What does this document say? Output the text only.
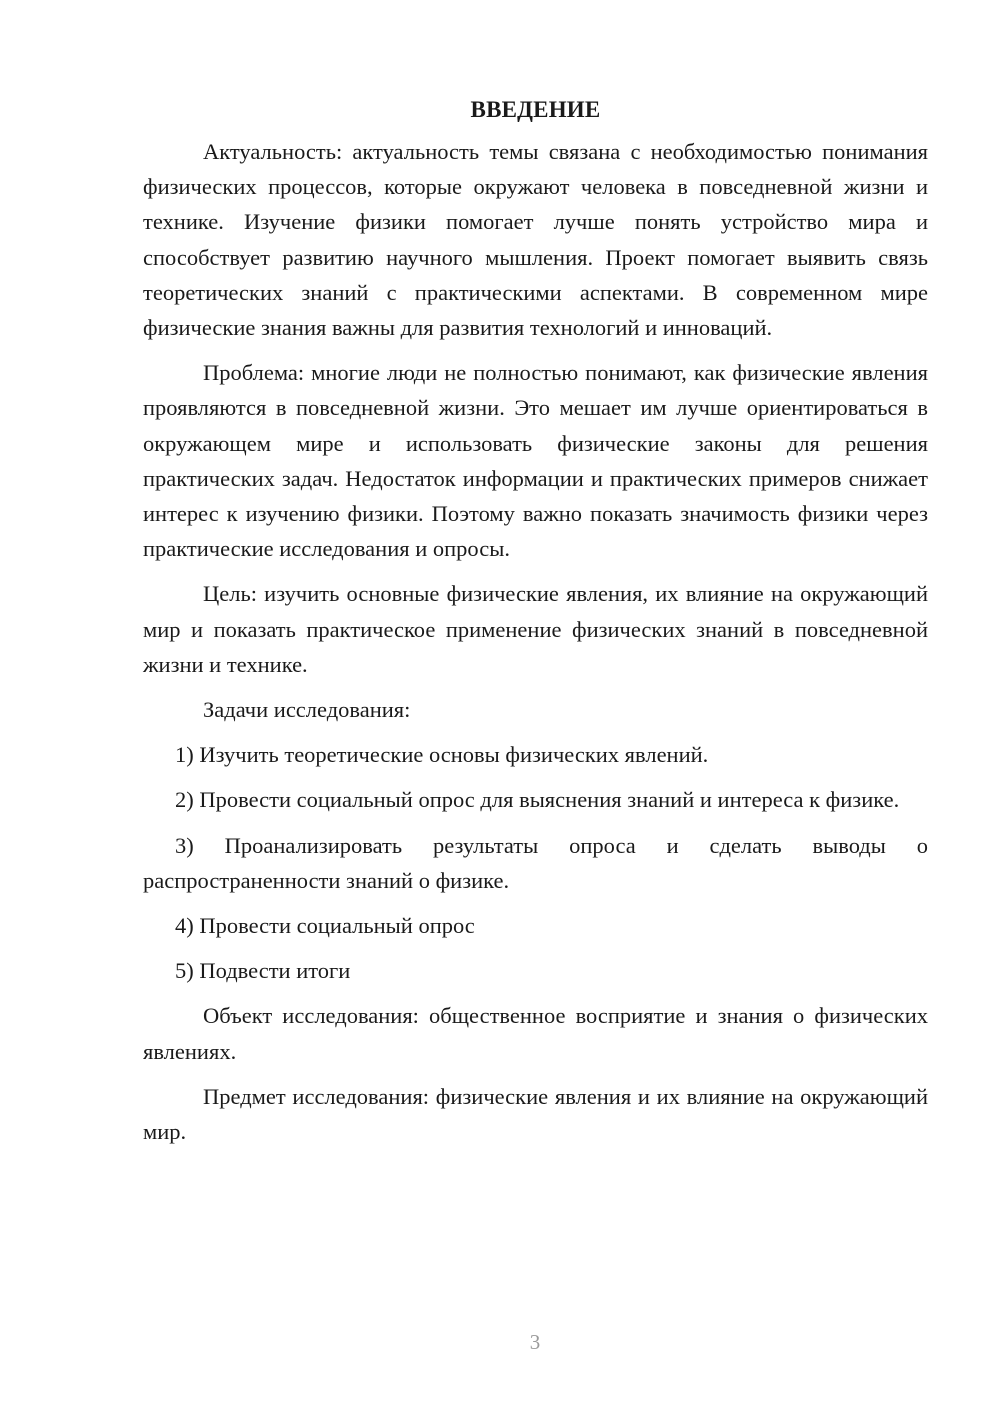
ВВЕДЕНИЕ

Актуальность: актуальность темы связана с необходимостью понимания физических процессов, которые окружают человека в повседневной жизни и технике. Изучение физики помогает лучше понять устройство мира и способствует развитию научного мышления. Проект помогает выявить связь теоретических знаний с практическими аспектами. В современном мире физические знания важны для развития технологий и инноваций.

Проблема: многие люди не полностью понимают, как физические явления проявляются в повседневной жизни. Это мешает им лучше ориентироваться в окружающем мире и использовать физические законы для решения практических задач. Недостаток информации и практических примеров снижает интерес к изучению физики. Поэтому важно показать значимость физики через практические исследования и опросы.

Цель: изучить основные физические явления, их влияние на окружающий мир и показать практическое применение физических знаний в повседневной жизни и технике.

Задачи исследования:

1) Изучить теоретические основы физических явлений.

2) Провести социальный опрос для выяснения знаний и интереса к физике.

3) Проанализировать результаты опроса и сделать выводы о распространенности знаний о физике.

4) Провести социальный опрос

5) Подвести итоги

Объект исследования: общественное восприятие и знания о физических явлениях.

Предмет исследования: физические явления и их влияние на окружающий мир.

3
